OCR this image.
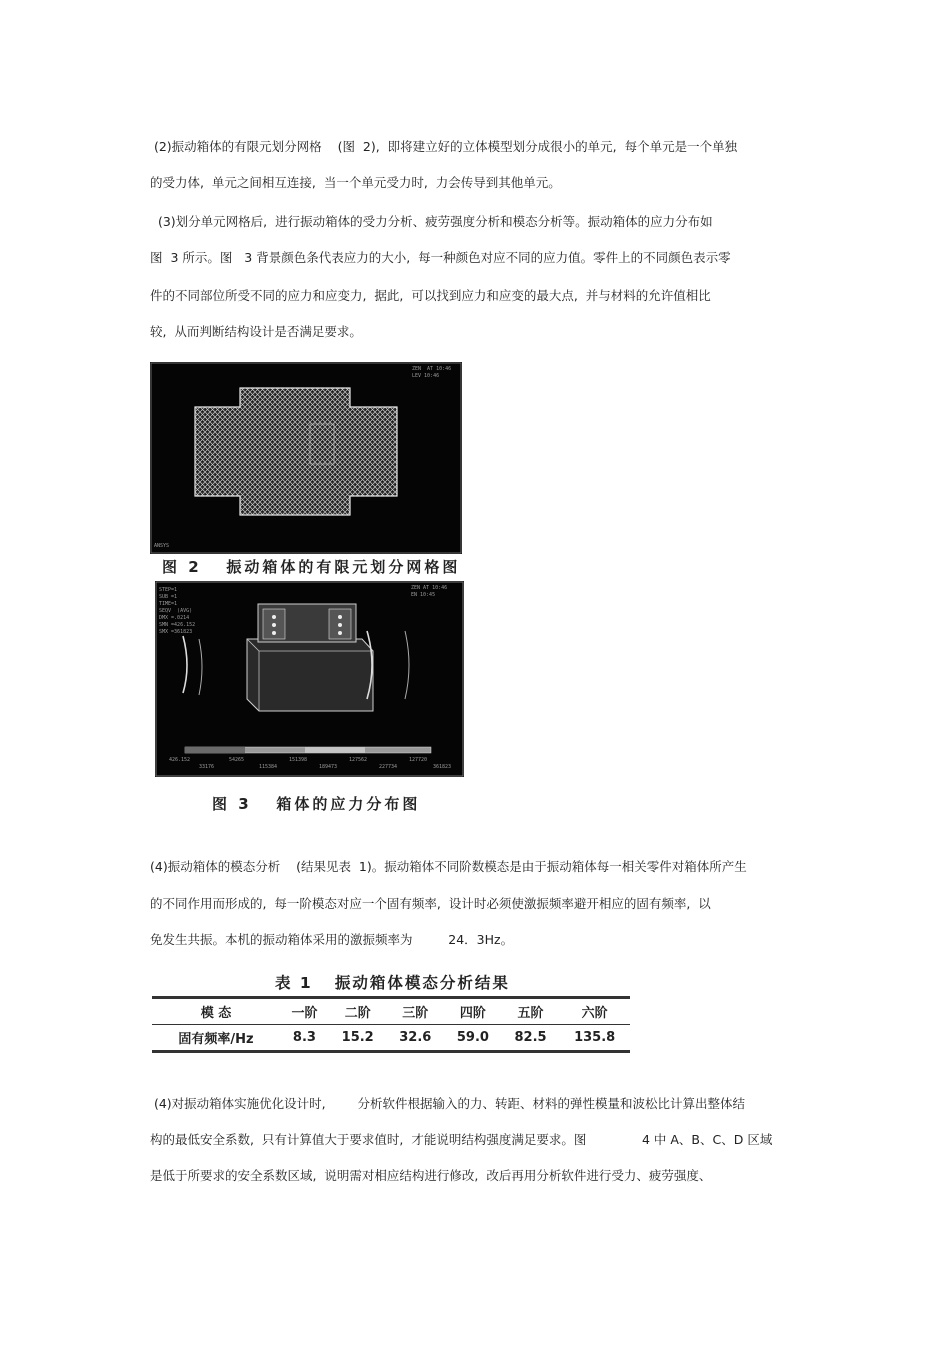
(2)振动箱体的有限元划分网格    (图  2),  即将建立好的立体模型划分成很小的单元,  每个单元是一个单独
的受力体,  单元之间相互连接,  当一个单元受力时,  力会传导到其他单元。
(3)划分单元网格后,  进行振动箱体的受力分析、疲劳强度分析和模态分析等。振动箱体的应力分布如
图  3 所示。图   3 背景颜色条代表应力的大小,  每一种颜色对应不同的应力值。零件上的不同颜色表示零
件的不同部位所受不同的应力和应变力,  据此,  可以找到应力和应变的最大点,  并与材料的允许值相比
较,  从而判断结构设计是否满足要求。
ZEN  AT 10:46
LEV 10:46
ANSYS
图 2   振动箱体的有限元划分网格图
STEP=1
SUB =1
TIME=1
SEQV  (AVG)
DMX =.0214
SMN =426.152
SMX =361823
ZEN AT 10:46
EN 10:45
426.152
33176
54265
115384
151398
189473
127562
227734
127720
361823
图 3   箱体的应力分布图
(4)振动箱体的模态分析    (结果见表  1)。振动箱体不同阶数模态是由于振动箱体每一相关零件对箱体所产生
的不同作用而形成的,  每一阶模态对应一个固有频率,  设计时必须使激振频率避开相应的固有频率,  以
免发生共振。本机的振动箱体采用的激振频率为         24．3Hz。
表 1   振动箱体模态分析结果
模 态	一阶	二阶	三阶	四阶	五阶	六阶
固有频率/Hz	8.3	15.2	32.6	59.0	82.5	135.8
(4)对振动箱体实施优化设计时,        分析软件根据输入的力、转距、材料的弹性模量和波松比计算出整体结
构的最低安全系数,  只有计算值大于要求值时,  才能说明结构强度满足要求。图              4 中 A、B、C、D 区域
是低于所要求的安全系数区域,  说明需对相应结构进行修改,  改后再用分析软件进行受力、疲劳强度、
